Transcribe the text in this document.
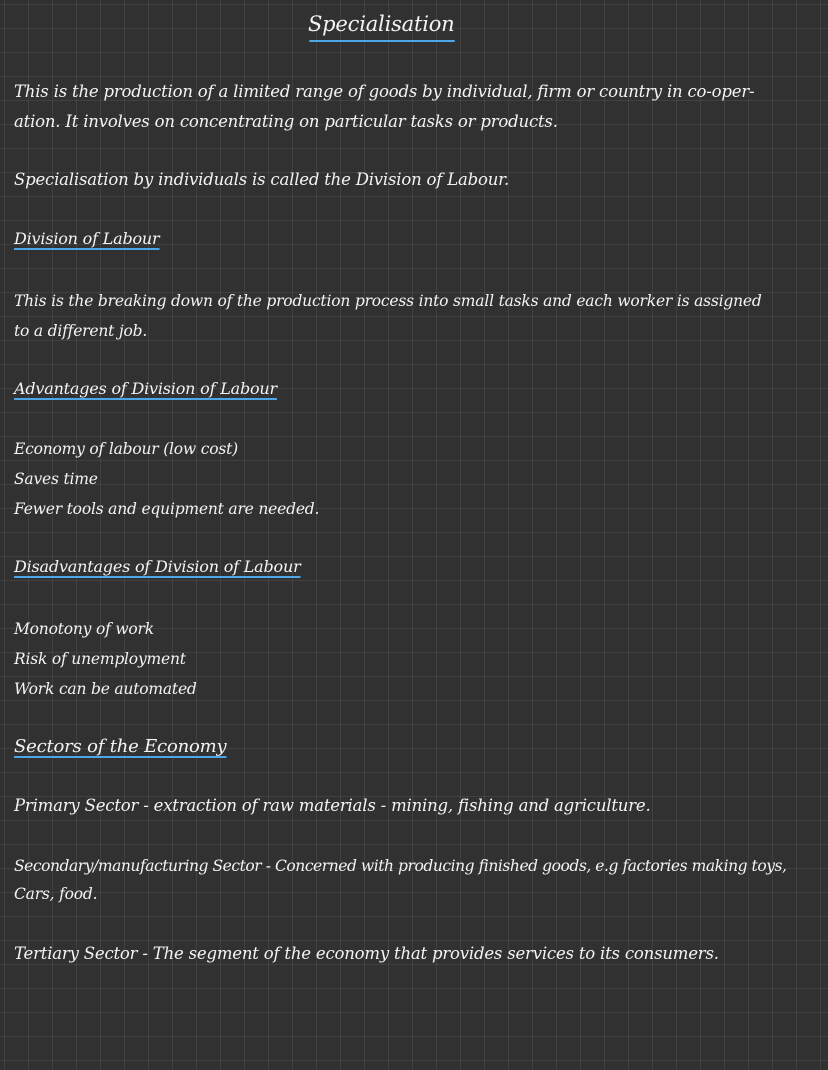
Specialisation
This is the production of a limited range of goods by individual, firm or country in co-oper-
ation. It involves on concentrating on particular tasks or products.
Specialisation by individuals is called the Division of Labour.
Division of Labour
This is the breaking down of the production process into small tasks and each worker is assigned
to a different job.
Advantages of Division of Labour
Economy of labour (low cost)
Saves time
Fewer tools and equipment are needed.
Disadvantages of Division of Labour
Monotony of work
Risk of unemployment
Work can be automated
Sectors of the Economy
Primary Sector - extraction of raw materials - mining, fishing and agriculture.
Secondary/manufacturing Sector - Concerned with producing finished goods, e.g factories making toys,
Cars, food.
Tertiary Sector - The segment of the economy that provides services to its consumers.
